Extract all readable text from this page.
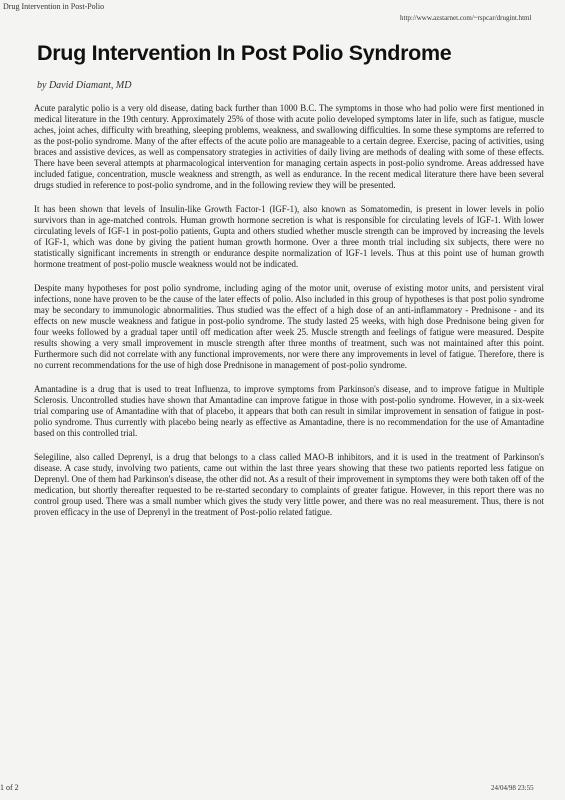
Drug Intervention in Post-Polio
http://www.azstarnet.com/~rspcar/drugint.html
Drug Intervention In Post Polio Syndrome
by David Diamant, MD

Acute paralytic polio is a very old disease, dating back further than 1000 B.C. The symptoms in those who had polio were first mentioned in medical literature in the 19th century. Approximately 25% of those with acute polio developed symptoms later in life, such as fatigue, muscle aches, joint aches, difficulty with breathing, sleeping problems, weakness, and swallowing difficulties. In some these symptoms are referred to as the post-polio syndrome. Many of the after effects of the acute polio are manageable to a certain degree. Exercise, pacing of activities, using braces and assistive devices, as well as compensatory strategies in activities of daily living are methods of dealing with some of these effects. There have been several attempts at pharmacological intervention for managing certain aspects in post-polio syndrome. Areas addressed have included fatigue, concentration, muscle weakness and strength, as well as endurance. In the recent medical literature there have been several drugs studied in reference to post-polio syndrome, and in the following review they will be presented.

It has been shown that levels of Insulin-like Growth Factor-1 (IGF-1), also known as Somatomedin, is present in lower levels in polio survivors than in age-matched controls. Human growth hormone secretion is what is responsible for circulating levels of IGF-1. With lower circulating levels of IGF-1 in post-polio patients, Gupta and others studied whether muscle strength can be improved by increasing the levels of IGF-1, which was done by giving the patient human growth hormone. Over a three month trial including six subjects, there were no statistically significant increments in strength or endurance despite normalization of IGF-1 levels. Thus at this point use of human growth hormone treatment of post-polio muscle weakness would not be indicated.

Despite many hypotheses for post polio syndrome, including aging of the motor unit, overuse of existing motor units, and persistent viral infections, none have proven to be the cause of the later effects of polio. Also included in this group of hypotheses is that post polio syndrome may be secondary to immunologic abnormalities. Thus studied was the effect of a high dose of an anti-inflammatory - Prednisone - and its effects on new muscle weakness and fatigue in post-polio syndrome. The study lasted 25 weeks, with high dose Prednisone being given for four weeks followed by a gradual taper until off medication after week 25. Muscle strength and feelings of fatigue were measured. Despite results showing a very small improvement in muscle strength after three months of treatment, such was not maintained after this point. Furthermore such did not correlate with any functional improvements, nor were there any improvements in level of fatigue. Therefore, there is no current recommendations for the use of high dose Prednisone in management of post-polio syndrome.

Amantadine is a drug that is used to treat Influenza, to improve symptoms from Parkinson's disease, and to improve fatigue in Multiple Sclerosis. Uncontrolled studies have shown that Amantadine can improve fatigue in those with post-polio syndrome. However, in a six-week trial comparing use of Amantadine with that of placebo, it appears that both can result in similar improvement in sensation of fatigue in post-polio syndrome. Thus currently with placebo being nearly as effective as Amantadine, there is no recommendation for the use of Amantadine based on this controlled trial.

Selegiline, also called Deprenyl, is a drug that belongs to a class called MAO-B inhibitors, and it is used in the treatment of Parkinson's disease. A case study, involving two patients, came out within the last three years showing that these two patients reported less fatigue on Deprenyl. One of them had Parkinson's disease, the other did not. As a result of their improvement in symptoms they were both taken off of the medication, but shortly thereafter requested to be re-started secondary to complaints of greater fatigue. However, in this report there was no control group used. There was a small number which gives the study very little power, and there was no real measurement. Thus, there is not proven efficacy in the use of Deprenyl in the treatment of Post-polio related fatigue.

1 of 2	24/04/98 23:55
